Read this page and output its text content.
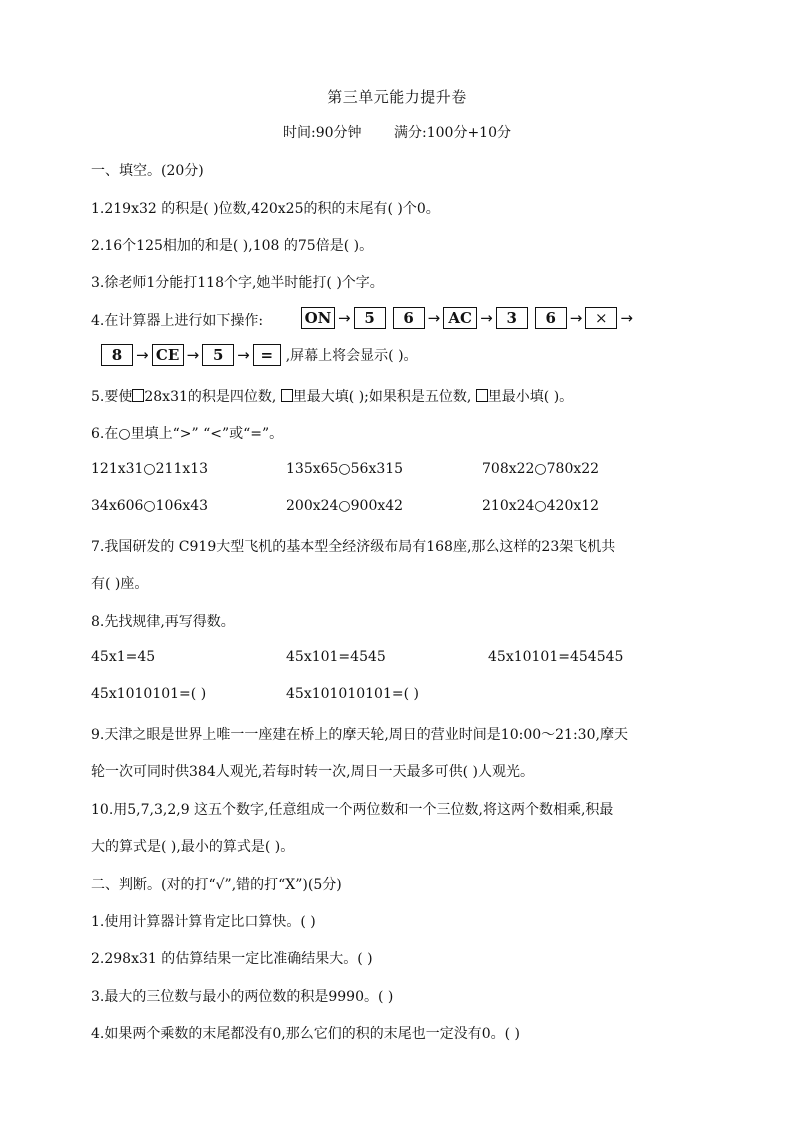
第三单元能力提升卷
时间:90分钟 满分:100分+10分
一、填空。(20分)
1.219x32 的积是( )位数,420x25的积的末尾有( )个0。
2.16个125相加的和是( ),108 的75倍是( )。
3.徐老师1分能打118个字,她半时能打( )个字。
4.在计算器上进行如下操作:	ON → 5	6 → AC → 3	6 → × →
8 → CE → 5 → = ,屏幕上将会显示( )。
5.要使 28x31的积是四位数, 里最大填( );如果积是五位数, 里最小填( )。
6.在○里填上“>” “<”或“=”。
121x31○211x13	135x65○56x315	708x22○780x22
34x606○106x43	200x24○900x42	210x24○420x12
7.我国研发的 C919大型飞机的基本型全经济级布局有168座,那么这样的23架飞机共
有( )座。
8.先找规律,再写得数。
45x1=45	45x101=4545	45x10101=454545
45x1010101=( )	45x101010101=( )
9.天津之眼是世界上唯一一座建在桥上的摩天轮,周日的营业时间是10:00～21:30,摩天
轮一次可同时供384人观光,若每时转一次,周日一天最多可供( )人观光。
10.用5,7,3,2,9 这五个数字,任意组成一个两位数和一个三位数,将这两个数相乘,积最
大的算式是( ),最小的算式是( )。
二、判断。(对的打“√”,错的打“X”)(5分)
1.使用计算器计算肯定比口算快。( )
2.298x31 的估算结果一定比准确结果大。( )
3.最大的三位数与最小的两位数的积是9990。( )
4.如果两个乘数的末尾都没有0,那么它们的积的末尾也一定没有0。( )
